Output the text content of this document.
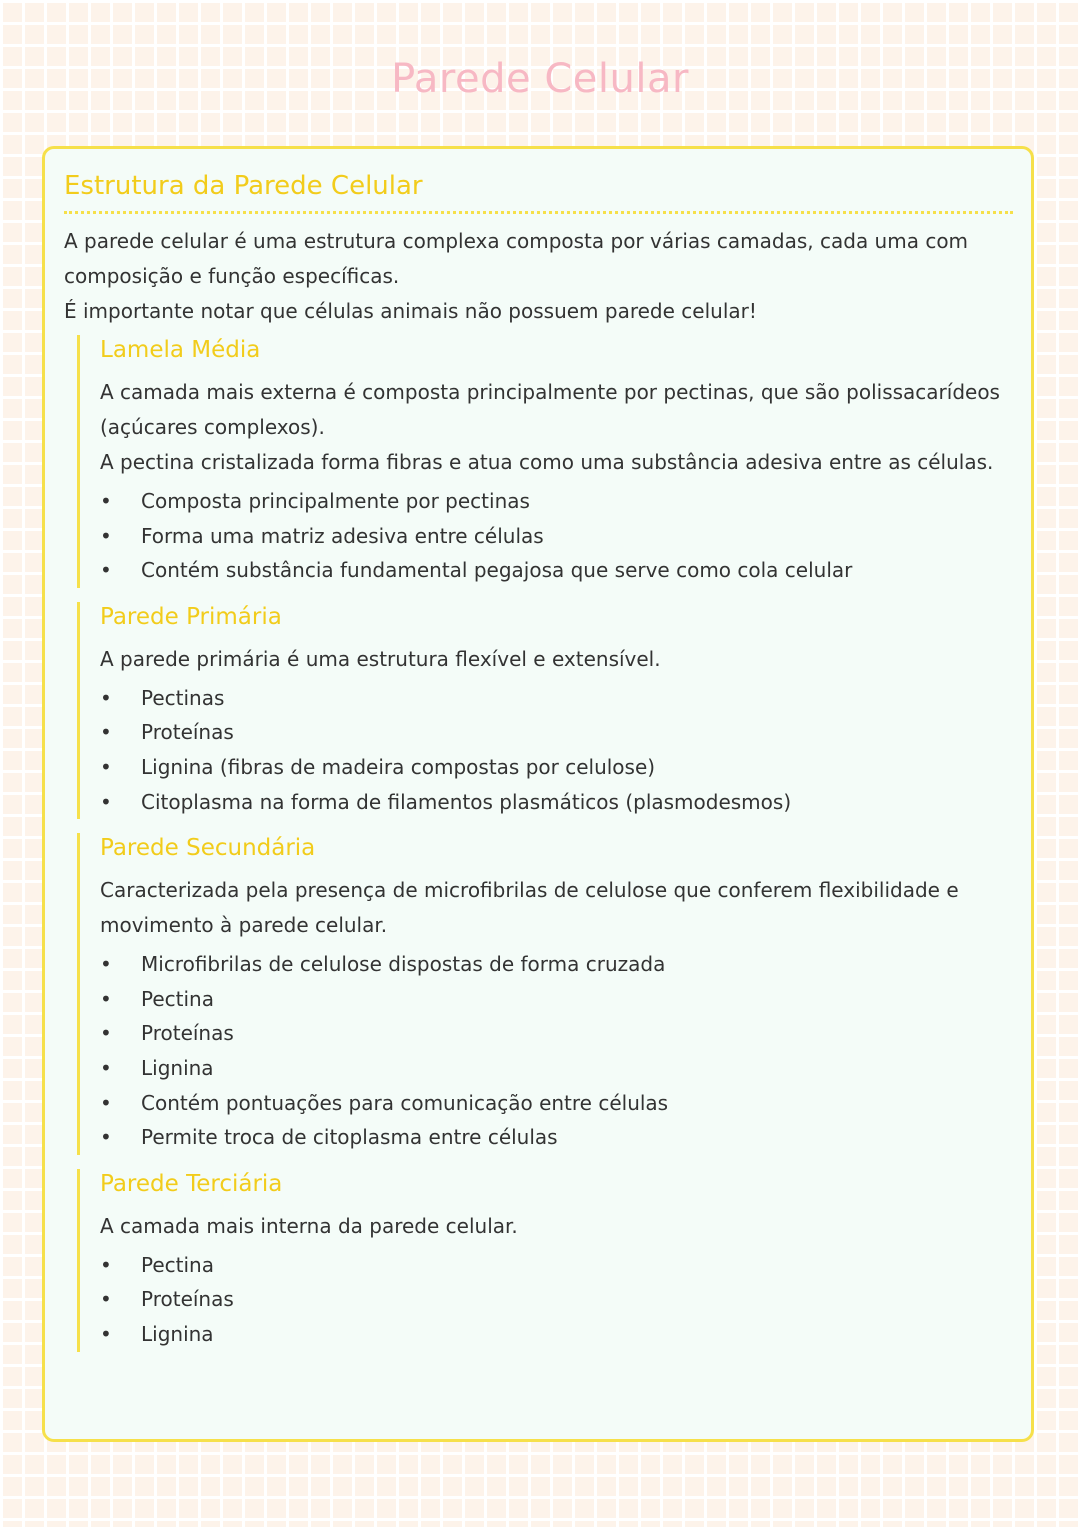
Parede Celular
Estrutura da Parede Celular

A parede celular é uma estrutura complexa composta por várias camadas, cada uma com composição e função específicas.
É importante notar que células animais não possuem parede celular!

Lamela Média

A camada mais externa é composta principalmente por pectinas, que são polissacarídeos (açúcares complexos).
A pectina cristalizada forma fibras e atua como uma substância adesiva entre as células.

• Composta principalmente por pectinas
• Forma uma matriz adesiva entre células
• Contém substância fundamental pegajosa que serve como cola celular
Parede Primária

A parede primária é uma estrutura flexível e extensível.

• Pectinas
• Proteínas
• Lignina (fibras de madeira compostas por celulose)
• Citoplasma na forma de filamentos plasmáticos (plasmodesmos)
Parede Secundária

Caracterizada pela presença de microfibrilas de celulose que conferem flexibilidade e movimento à parede celular.

• Microfibrilas de celulose dispostas de forma cruzada
• Pectina
• Proteínas
• Lignina
• Contém pontuações para comunicação entre células
• Permite troca de citoplasma entre células
Parede Terciária

A camada mais interna da parede celular.

• Pectina
• Proteínas
• Lignina
